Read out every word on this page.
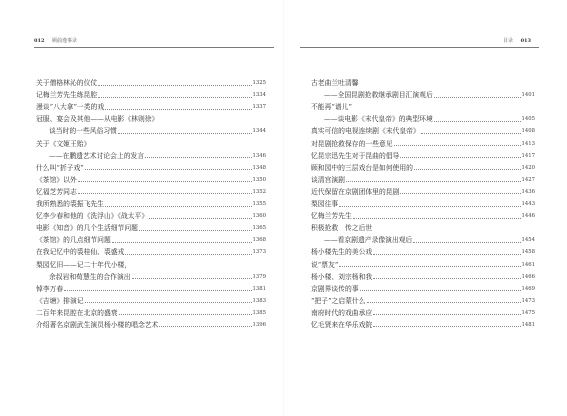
012 顾曲逸事录	目录 013
关于僧格林沁的仪仗	1325
记梅兰芳先生练昆腔	1334
漫谈“八大拿”一类的戏	1337
冠服、宴会及其他——从电影《林则徐》
谈当时的一些风俗习惯	1344
关于《文姬王贻》
——在鹏遗艺术讨论会上的发言	1346
什么叫“折子戏”	1348
《茶馆》以外	1350
忆福芝芳同志	1352
我所熟悉的裘振飞先生	1355
忆李少春和他的《洗浮山》《战太平》	1360
电影《知音》的几个生活细节问题	1365
《茶馆》的几点细节问题	1368
在我记忆中的裘桂仙、裘盛戎	1373
梨园忆旧——记二十年代小楼，
余叔岩和荀慧生的合作演出	1379
悼李万春	1381
《吉塘》排演记	1383
二百年来昆腔在北京的盛衰	1385
介绍著名京剧武生演员杨小楼的唱念艺术	1396
古老曲兰吐清馨
——全国昆剧抢救继承剧目汇演观后	1401
不能再“谱儿”
——谈电影《末代皇帝》的典型环境	1405
真实可信的电视连续剧《末代皇帝》	1408
对昆剧抢救保存的一些意见	1413
忆昆宗迅先生对于昆曲的倡导	1417
顾和园中的三层戏台是如何使用的	1420
谈清宫演剧	1427
近代保留在京剧团体里的昆剧	1436
梨园往事	1443
忆梅兰芳先生	1446
积极抢救　传之后世
——看京剧遗产录像演出观后	1454
杨小楼先生的美公戏	1458
说“票友”	1461
杨小楼、刘宗杨和我	1466
京剧界谈传的事	1469
“把子”之启蒙什么	1473
南府时代的戏曲承应	1475
忆毛贤来在华乐戏院	1481
